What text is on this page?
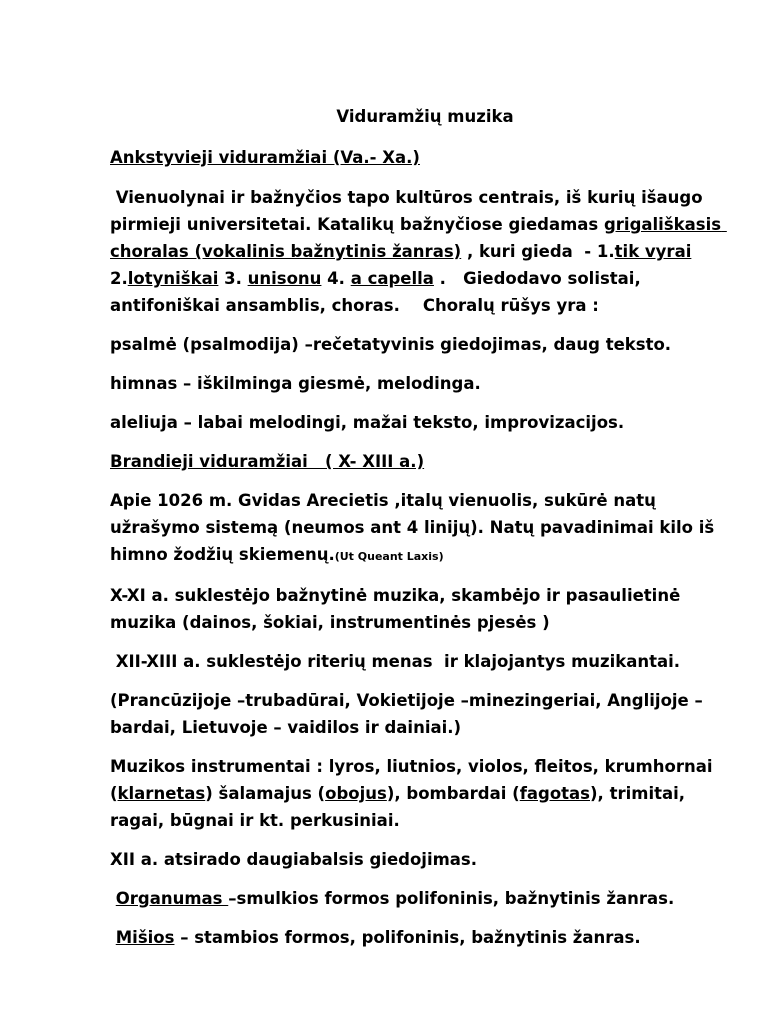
Viduramžių muzika

Ankstyvieji viduramžiai (Va.- Xa.)

Vienuolynai ir bažnyčios tapo kultūros centrais, iš kurių išaugo pirmieji universitetai. Katalikų bažnyčiose giedamas grigališkasis choralas (vokalinis bažnytinis žanras) , kuri gieda  - 1.tik vyrai 2.lotyniškai 3. unisonu 4. a capella .   Giedodavo solistai, antifoniškai ansamblis, choras.    Choralų rūšys yra :

psalmė (psalmodija) –rečetatyvinis giedojimas, daug teksto.

himnas – iškilminga giesmė, melodinga.

aleliuja – labai melodingi, mažai teksto, improvizacijos.

Brandieji viduramžiai   ( X- XIII a.)

Apie 1026 m. Gvidas Arecietis ,italų vienuolis, sukūrė natų užrašymo sistemą (neumos ant 4 linijų). Natų pavadinimai kilo iš himno žodžių skiemenų.(Ut Queant Laxis)

X-XI a. suklestėjo bažnytinė muzika, skambėjo ir pasaulietinė muzika (dainos, šokiai, instrumentinės pjesės )

XII-XIII a. suklestėjo riterių menas  ir klajojantys muzikantai.

(Prancūzijoje –trubadūrai, Vokietijoje –minezingeriai, Anglijoje – bardai, Lietuvoje – vaidilos ir dainiai.)

Muzikos instrumentai : lyros, liutnios, violos, fleitos, krumhornai (klarnetas) šalamajus (obojus), bombardai (fagotas), trimitai, ragai, būgnai ir kt. perkusiniai.

XII a. atsirado daugiabalsis giedojimas.

Organumas –smulkios formos polifoninis, bažnytinis žanras.

Mišios – stambios formos, polifoninis, bažnytinis žanras.
